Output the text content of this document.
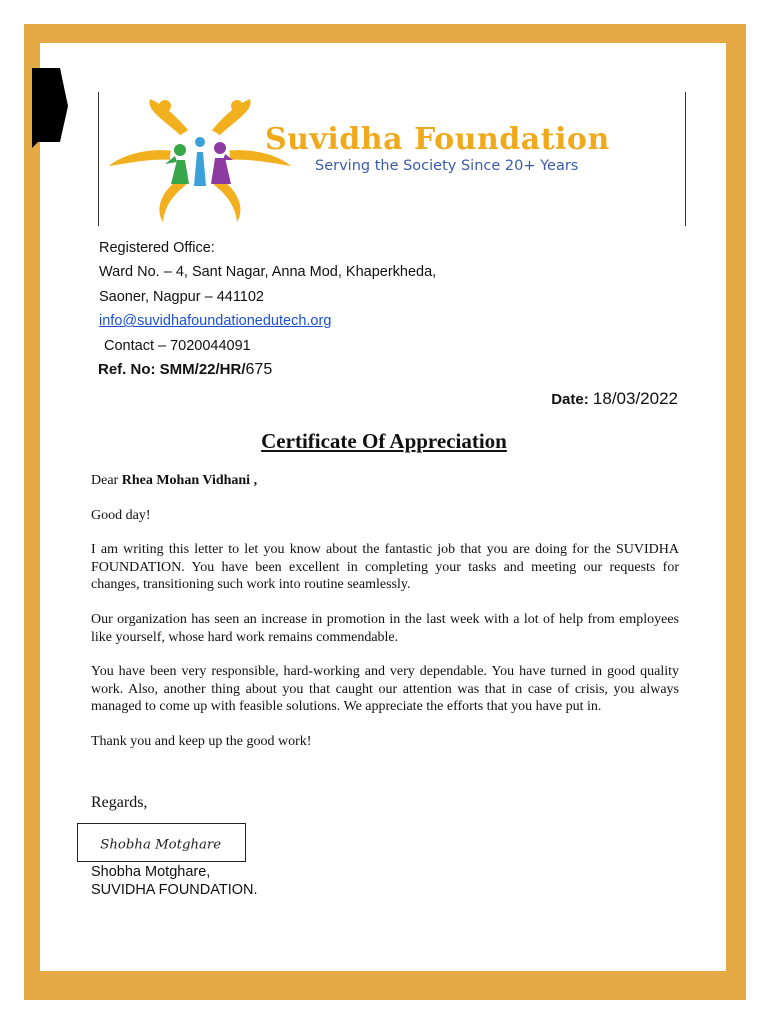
Suvidha Foundation
Serving the Society Since 20+ Years
Registered Office:
Ward No. – 4, Sant Nagar, Anna Mod, Khaperkheda,
Saoner, Nagpur – 441102
info@suvidhafoundationedutech.org
Contact – 7020044091
Ref. No: SMM/22/HR/675
Date: 18/03/2022
Certificate Of Appreciation

Dear Rhea Mohan Vidhani ,

Good day!

I am writing this letter to let you know about the fantastic job that you are doing for the SUVIDHA FOUNDATION. You have been excellent in completing your tasks and meeting our requests for changes, transitioning such work into routine seamlessly.

Our organization has seen an increase in promotion in the last week with a lot of help from employees like yourself, whose hard work remains commendable.

You have been very responsible, hard-working and very dependable. You have turned in good quality work. Also, another thing about you that caught our attention was that in case of crisis, you always managed to come up with feasible solutions. We appreciate the efforts that you have put in.

Thank you and keep up the good work!

Regards,
Shobha Motghare
Shobha Motghare,
SUVIDHA FOUNDATION.
